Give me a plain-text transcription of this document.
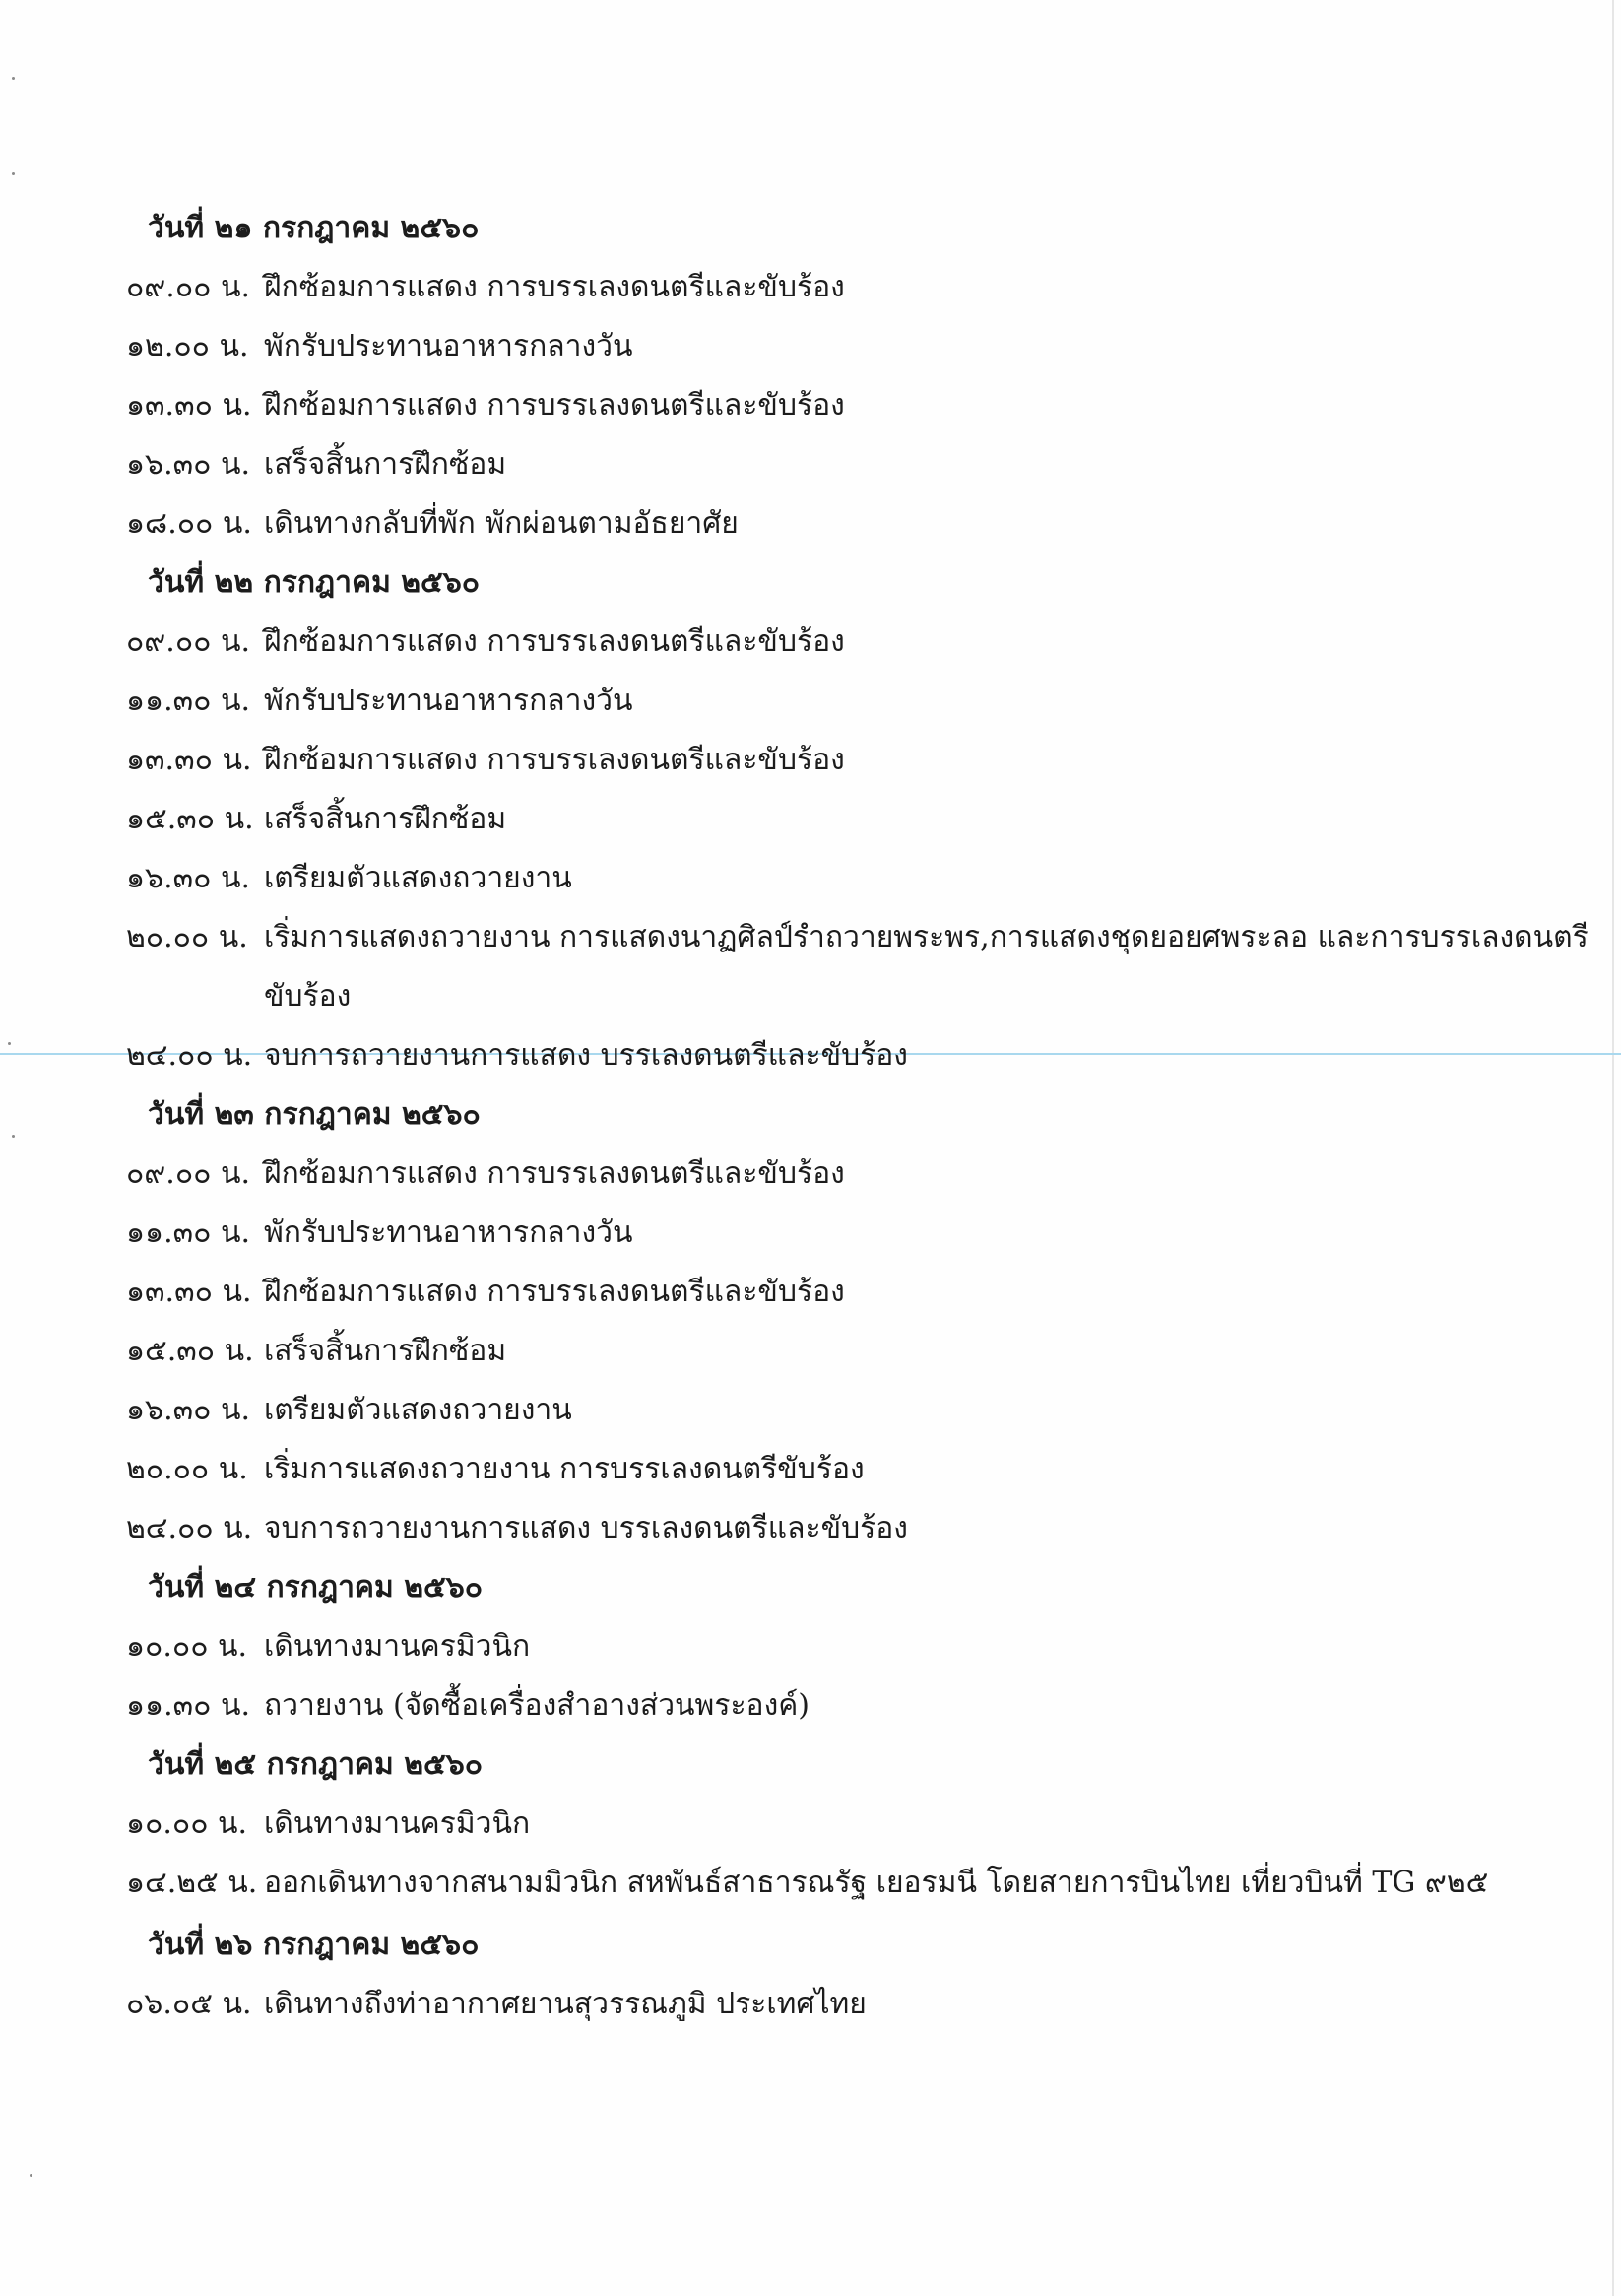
วันที่ ๒๑ กรกฎาคม ๒๕๖๐
๐๙.๐๐ น. ฝึกซ้อมการแสดง การบรรเลงดนตรีและขับร้อง
๑๒.๐๐ น. พักรับประทานอาหารกลางวัน
๑๓.๓๐ น. ฝึกซ้อมการแสดง การบรรเลงดนตรีและขับร้อง
๑๖.๓๐ น. เสร็จสิ้นการฝึกซ้อม
๑๘.๐๐ น. เดินทางกลับที่พัก พักผ่อนตามอัธยาศัย
วันที่ ๒๒ กรกฎาคม ๒๕๖๐
๐๙.๐๐ น. ฝึกซ้อมการแสดง การบรรเลงดนตรีและขับร้อง
๑๑.๓๐ น. พักรับประทานอาหารกลางวัน
๑๓.๓๐ น. ฝึกซ้อมการแสดง การบรรเลงดนตรีและขับร้อง
๑๕.๓๐ น. เสร็จสิ้นการฝึกซ้อม
๑๖.๓๐ น. เตรียมตัวแสดงถวายงาน
๒๐.๐๐ น. เริ่มการแสดงถวายงาน การแสดงนาฏศิลป์รำถวายพระพร,การแสดงชุดยอยศพระลอ และการบรรเลงดนตรี
ขับร้อง
๒๔.๐๐ น. จบการถวายงานการแสดง บรรเลงดนตรีและขับร้อง
วันที่ ๒๓ กรกฎาคม ๒๕๖๐
๐๙.๐๐ น. ฝึกซ้อมการแสดง การบรรเลงดนตรีและขับร้อง
๑๑.๓๐ น. พักรับประทานอาหารกลางวัน
๑๓.๓๐ น. ฝึกซ้อมการแสดง การบรรเลงดนตรีและขับร้อง
๑๕.๓๐ น. เสร็จสิ้นการฝึกซ้อม
๑๖.๓๐ น. เตรียมตัวแสดงถวายงาน
๒๐.๐๐ น. เริ่มการแสดงถวายงาน การบรรเลงดนตรีขับร้อง
๒๔.๐๐ น. จบการถวายงานการแสดง บรรเลงดนตรีและขับร้อง
วันที่ ๒๔ กรกฎาคม ๒๕๖๐
๑๐.๐๐ น. เดินทางมานครมิวนิก
๑๑.๓๐ น. ถวายงาน (จัดซื้อเครื่องสำอางส่วนพระองค์)
วันที่ ๒๕ กรกฎาคม ๒๕๖๐
๑๐.๐๐ น. เดินทางมานครมิวนิก
๑๔.๒๕ น. ออกเดินทางจากสนามมิวนิก สหพันธ์สาธารณรัฐ เยอรมนี โดยสายการบินไทย เที่ยวบินที่ TG ๙๒๕
วันที่ ๒๖ กรกฎาคม ๒๕๖๐
๐๖.๐๕ น. เดินทางถึงท่าอากาศยานสุวรรณภูมิ ประเทศไทย
